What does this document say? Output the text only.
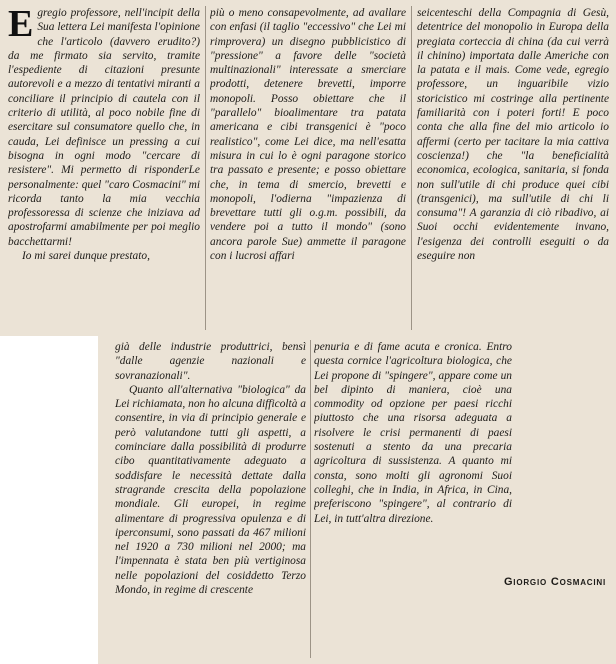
Egregio professore, nell'incipit della Sua lettera Lei manifesta l'opinione che l'articolo (davvero erudito?) da me firmato sia servito, tramite l'espediente di citazioni presunte autorevoli e a mezzo di tentativi miranti a conciliare il principio di cautela con il criterio di utilità, al poco nobile fine di esercitare sul consumatore quello che, in cauda, Lei definisce un pressing a cui bisogna in ogni modo "cercare di resistere". Mi permetto di risponderLe personalmente: quel "caro Cosmacini" mi ricorda tanto la mia vecchia professoressa di scienze che iniziava ad apostrofarmi amabilmente per poi meglio bacchettarmi!

Io mi sarei dunque prestato,

più o meno consapevolmente, ad avallare con enfasi (il taglio "eccessivo" che Lei mi rimprovera) un disegno pubblicistico di "pressione" a favore delle "società multinazionali" interessate a smerciare prodotti, detenere brevetti, imporre monopoli. Posso obiettare che il "parallelo" bioalimentare tra patata americana e cibi transgenici è "poco realistico", come Lei dice, ma nell'esatta misura in cui lo è ogni paragone storico tra passato e presente; e posso obiettare che, in tema di smercio, brevetti e monopoli, l'odierna "impazienza di brevettare tutti gli o.g.m. possibili, da vendere poi a tutto il mondo" (sono ancora parole Sue) ammette il paragone con i lucrosi affari

seicenteschi della Compagnia di Gesù, detentrice del monopolio in Europa della pregiata corteccia di china (da cui verrà il chinino) importata dalle Americhe con la patata e il mais. Come vede, egregio professore, un inguaribile vizio storicistico mi costringe alla pertinente familiarità con i poteri forti! E poco conta che alla fine del mio articolo io affermi (certo per tacitare la mia cattiva coscienza!) che "la beneficialità economica, ecologica, sanitaria, si fonda non sull'utile di chi produce quei cibi (transgenici), ma sull'utile di chi li consuma"! A garanzia di ciò ribadivo, ai Suoi occhi evidentemente invano, l'esigenza dei controlli eseguiti o da eseguire non

già delle industrie produttrici, bensì "dalle agenzie nazionali e sovranazionali".

Quanto all'alternativa "biologica" da Lei richiamata, non ho alcuna difficoltà a consentire, in via di principio generale e però valutandone tutti gli aspetti, a cominciare dalla possibilità di produrre cibo quantitativamente adeguato a soddisfare le necessità dettate dalla stragrande crescita della popolazione mondiale. Gli europei, in regime alimentare di progressiva opulenza e di iperconsumi, sono passati da 467 milioni nel 1920 a 730 milioni nel 2000; ma l'impennata è stata ben più vertiginosa nelle popolazioni del cosiddetto Terzo Mondo, in regime di crescente

penuria e di fame acuta e cronica. Entro questa cornice l'agricoltura biologica, che Lei propone di "spingere", appare come un bel dipinto di maniera, cioè una commodity od opzione per paesi ricchi piuttosto che una risorsa adeguata a risolvere le crisi permanenti di paesi sostenuti a stento da una precaria agricoltura di sussistenza. A quanto mi consta, sono molti gli agronomi Suoi colleghi, che in India, in Africa, in Cina, preferiscono "spingere", al contrario di Lei, in tutt'altra direzione.

Giorgio Cosmacini
